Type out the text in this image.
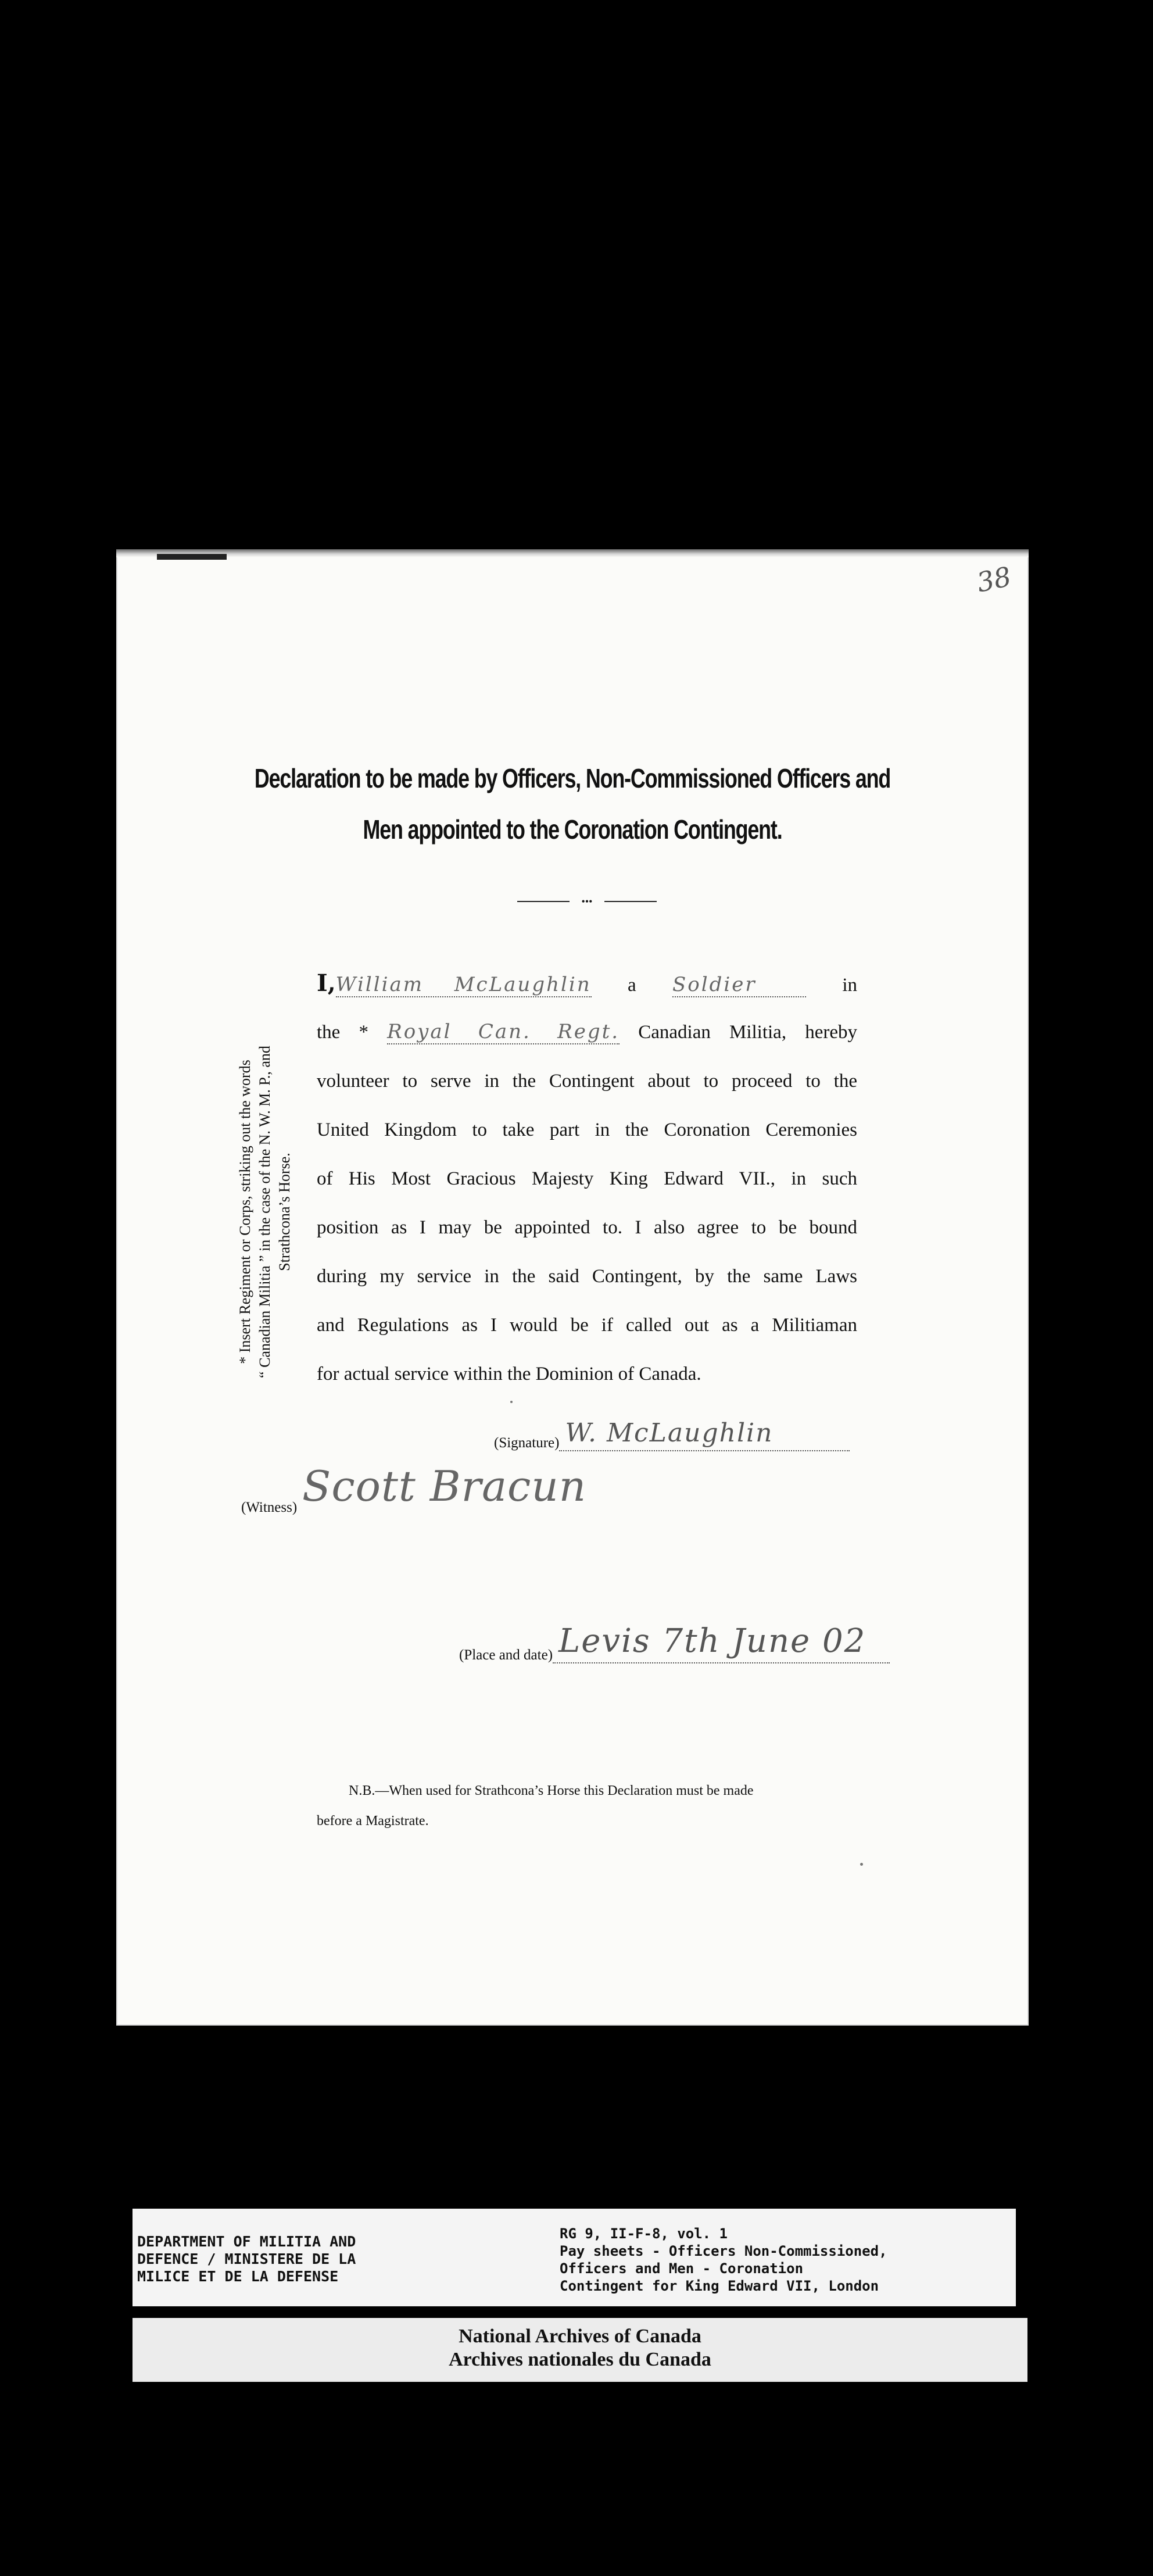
38
Declaration to be made by Officers, Non-Commissioned Officers and
Men appointed to the Coronation Contingent.
•••
* Insert Regiment or Corps, striking out the words “ Canadian Militia ” in the case of the N. W. M. P., and Strathcona’s Horse.
I,William McLaughlin a Soldier	in
the * Royal Can. Regt. Canadian Militia, hereby
volunteer to serve in the Contingent about to proceed to the
United Kingdom to take part in the Coronation Ceremonies
of His Most Gracious Majesty King Edward VII., in such
position as I may be appointed to. I also agree to be bound
during my service in the said Contingent, by the same Laws
and Regulations as I would be if called out as a Militiaman
for actual service within the Dominion of Canada.
(Signature) W. McLaughlin
(Witness) Scott Bracun
(Place and date) Levis 7th June 02
N.B.—When used for Strathcona’s Horse this Declaration must be made
before a Magistrate.
DEPARTMENT OF MILITIA AND
DEFENCE / MINISTERE DE LA
MILICE ET DE LA DEFENSE
RG 9, II-F-8, vol. 1
Pay sheets - Officers Non-Commissioned,
Officers and Men - Coronation
Contingent for King Edward VII, London
National Archives of Canada
Archives nationales du Canada
